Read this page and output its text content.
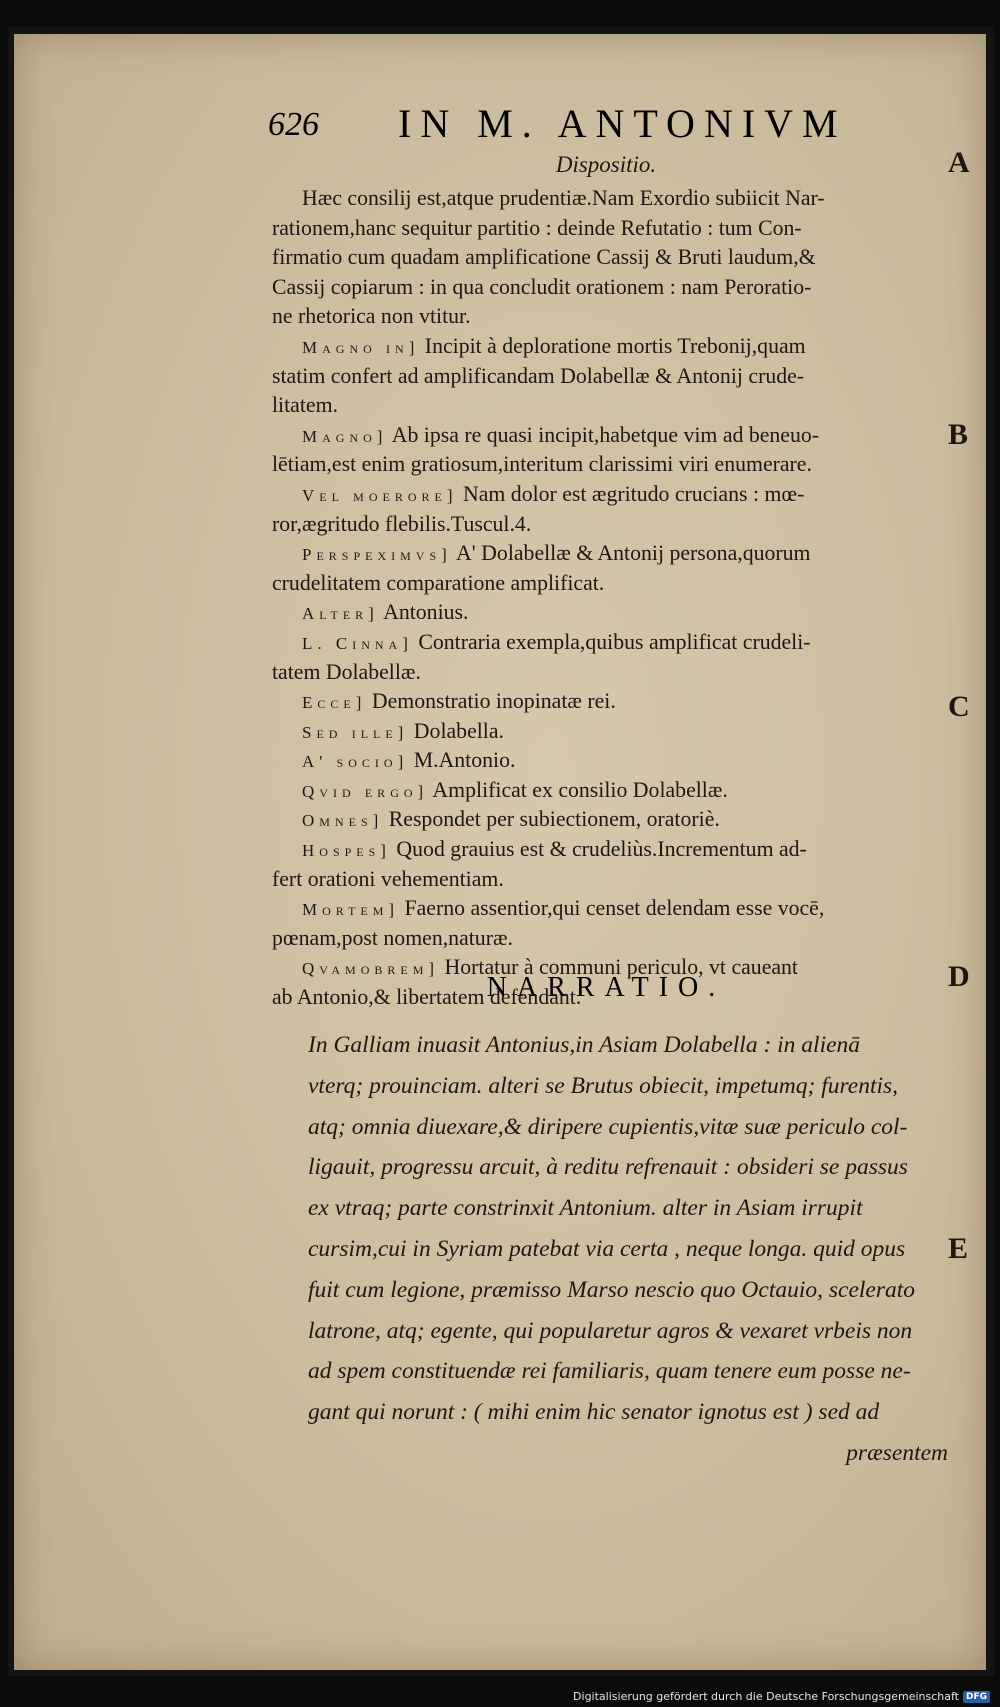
626 IN M. ANTONIVM
A
B
C
D
E
Dispositio.
Hæc consilij est,atque prudentiæ.Nam Exordio subiicit Nar-
rationem,hanc sequitur partitio : deinde Refutatio : tum Con-
firmatio cum quadam amplificatione Cassij & Bruti laudum,&
Cassij copiarum : in qua concludit orationem : nam Peroratio-
ne rhetorica non vtitur.
Magno in] Incipit à deploratione mortis Trebonij,quam
statim confert ad amplificandam Dolabellæ & Antonij crude-
litatem.
Magno] Ab ipsa re quasi incipit,habetque vim ad beneuo-
lētiam,est enim gratiosum,interitum clarissimi viri enumerare.
Vel moerore] Nam dolor est ægritudo crucians : mœ-
ror,ægritudo flebilis.Tuscul.4.
Perspeximvs] A' Dolabellæ & Antonij persona,quorum
crudelitatem comparatione amplificat.
Alter] Antonius.
L. Cinna] Contraria exempla,quibus amplificat crudeli-
tatem Dolabellæ.
Ecce] Demonstratio inopinatæ rei.
Sed ille] Dolabella.
A' socio] M.Antonio.
Qvid ergo] Amplificat ex consilio Dolabellæ.
Omnes] Respondet per subiectionem, oratoriè.
Hospes] Quod grauius est & crudeliùs.Incrementum ad-
fert orationi vehementiam.
Mortem] Faerno assentior,qui censet delendam esse vocē,
pœnam,post nomen,naturæ.
Qvamobrem] Hortatur à communi periculo, vt caueant
ab Antonio,& libertatem defendant.
NARRATIO.
In Galliam inuasit Antonius,in Asiam Dolabella : in alienā
vterq; prouinciam. alteri se Brutus obiecit, impetumq; furentis,
atq; omnia diuexare,& diripere cupientis,vitæ suæ periculo col-
ligauit, progressu arcuit, à reditu refrenauit : obsideri se passus
ex vtraq; parte constrinxit Antonium. alter in Asiam irrupit
cursim,cui in Syriam patebat via certa , neque longa. quid opus
fuit cum legione, præmisso Marso nescio quo Octauio, scelerato
latrone, atq; egente, qui popularetur agros & vexaret vrbeis non
ad spem constituendæ rei familiaris, quam tenere eum posse ne-
gant qui norunt : ( mihi enim hic senator ignotus est ) sed ad
præsentem
Digitalisierung gefördert durch die Deutsche Forschungsgemeinschaft DFG
